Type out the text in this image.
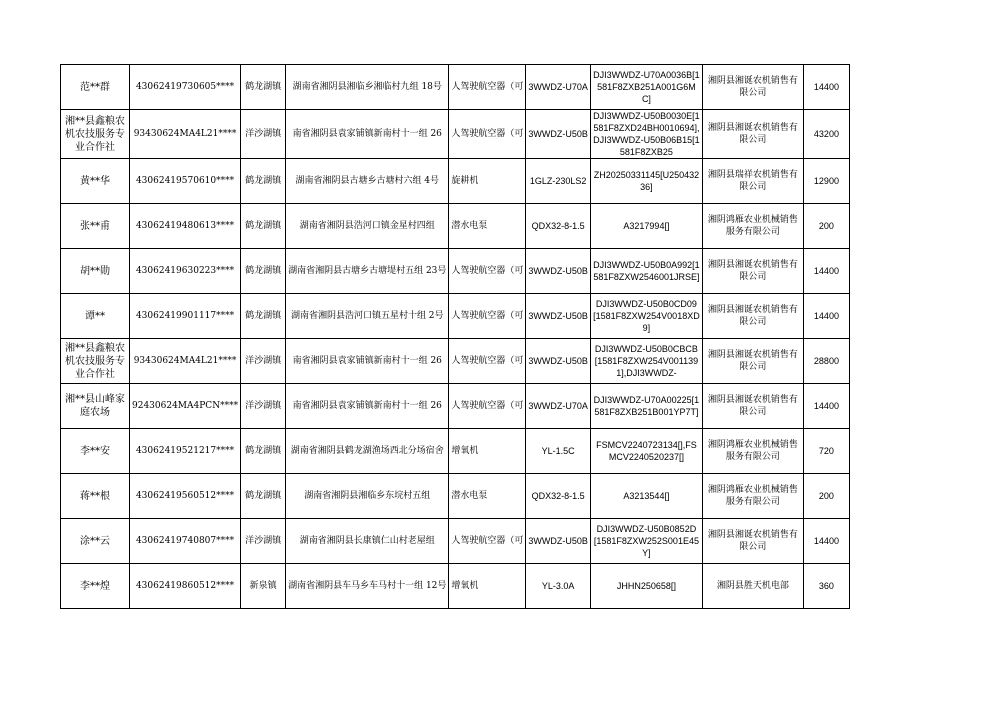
范**群	43062419730605****	鹤龙湖镇	湖南省湘阴县湘临乡湘临村九组 18号	人驾驶航空器（可	3WWDZ-U70A	DJI3WWDZ-U70A0036B[1581F8ZXB251A001G6MC]	湘阴县湘诞农机销售有限公司	14400
湘**县鑫粮农机农技服务专业合作社	93430624MA4L21****	洋沙湖镇	南省湘阴县袁家铺镇新南村十一组 26	人驾驶航空器（可	3WWDZ-U50B	DJI3WWDZ-U50B0030E[1581F8ZXD24BH0010694],DJI3WWDZ-U50B06B15[1581F8ZXB25	湘阴县湘诞农机销售有限公司	43200
黄**华	43062419570610****	鹤龙湖镇	湖南省湘阴县古塘乡古塘村六组 4号	旋耕机	1GLZ-230LS2	ZH20250331145[U25043236]	湘阴县瑞祥农机销售有限公司	12900
张**甫	43062419480613****	鹤龙湖镇	湖南省湘阴县浩河口镇金星村四组	潜水电泵	QDX32-8-1.5	A3217994[]	湘阴鸿雁农业机械销售服务有限公司	200
胡**勋	43062419630223****	鹤龙湖镇	湖南省湘阴县古塘乡古塘堤村五组 23号	人驾驶航空器（可	3WWDZ-U50B	DJI3WWDZ-U50B0A992[1581F8ZXW2546001JRSE]	湘阴县湘诞农机销售有限公司	14400
谭**	43062419901117****	鹤龙湖镇	湖南省湘阴县浩河口镇五星村十组 2号	人驾驶航空器（可	3WWDZ-U50B	DJI3WWDZ-U50B0CD09[1581F8ZXW254V0018XD9]	湘阴县湘诞农机销售有限公司	14400
湘**县鑫粮农机农技服务专业合作社	93430624MA4L21****	洋沙湖镇	南省湘阴县袁家铺镇新南村十一组 26	人驾驶航空器（可	3WWDZ-U50B	DJI3WWDZ-U50B0CBCB[1581F8ZXW254V0011391],DJI3WWDZ-	湘阴县湘诞农机销售有限公司	28800
湘**县山峰家庭农场	92430624MA4PCN****	洋沙湖镇	南省湘阴县袁家铺镇新南村十一组 26	人驾驶航空器（可	3WWDZ-U70A	DJI3WWDZ-U70A00225[1581F8ZXB251B001YP7T]	湘阴县湘诞农机销售有限公司	14400
李**安	43062419521217****	鹤龙湖镇	湖南省湘阴县鹤龙湖渔场西北分场宿舍	增氧机	YL-1.5C	FSMCV2240723134[],FSMCV2240520237[]	湘阴鸿雁农业机械销售服务有限公司	720
蒋**根	43062419560512****	鹤龙湖镇	湖南省湘阴县湘临乡东垸村五组	潜水电泵	QDX32-8-1.5	A3213544[]	湘阴鸿雁农业机械销售服务有限公司	200
涂**云	43062419740807****	洋沙湖镇	湖南省湘阴县长康镇仁山村老屋组	人驾驶航空器（可	3WWDZ-U50B	DJI3WWDZ-U50B0852D[1581F8ZXW252S001E45Y]	湘阴县湘诞农机销售有限公司	14400
李**煌	43062419860512****	新泉镇	湖南省湘阴县车马乡车马村十一组 12号	增氧机	YL-3.0A	JHHN250658[]	湘阴县胜天机电部	360
